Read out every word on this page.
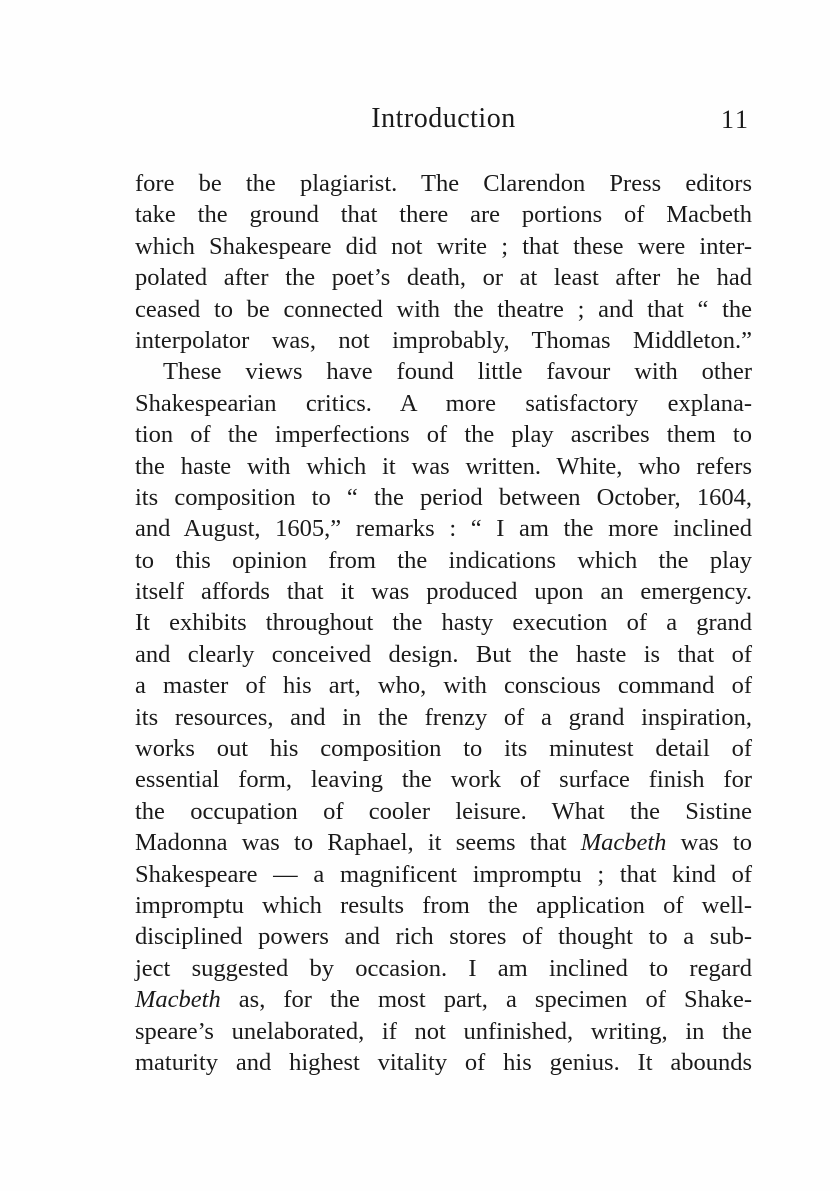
Introduction	11
fore be the plagiarist. The Clarendon Press editors
take the ground that there are portions of Macbeth
which Shakespeare did not write ; that these were inter-
polated after the poet’s death, or at least after he had
ceased to be connected with the theatre ; and that “ the
interpolator was, not improbably, Thomas Middleton.”
These views have found little favour with other
Shakespearian critics. A more satisfactory explana-
tion of the imperfections of the play ascribes them to
the haste with which it was written. White, who refers
its composition to “ the period between October, 1604,
and August, 1605,” remarks : “ I am the more inclined
to this opinion from the indications which the play
itself affords that it was produced upon an emergency.
It exhibits throughout the hasty execution of a grand
and clearly conceived design. But the haste is that of
a master of his art, who, with conscious command of
its resources, and in the frenzy of a grand inspiration,
works out his composition to its minutest detail of
essential form, leaving the work of surface finish for
the occupation of cooler leisure. What the Sistine
Madonna was to Raphael, it seems that Macbeth was to
Shakespeare — a magnificent impromptu ; that kind of
impromptu which results from the application of well-
disciplined powers and rich stores of thought to a sub-
ject suggested by occasion. I am inclined to regard
Macbeth as, for the most part, a specimen of Shake-
speare’s unelaborated, if not unfinished, writing, in the
maturity and highest vitality of his genius. It abounds
